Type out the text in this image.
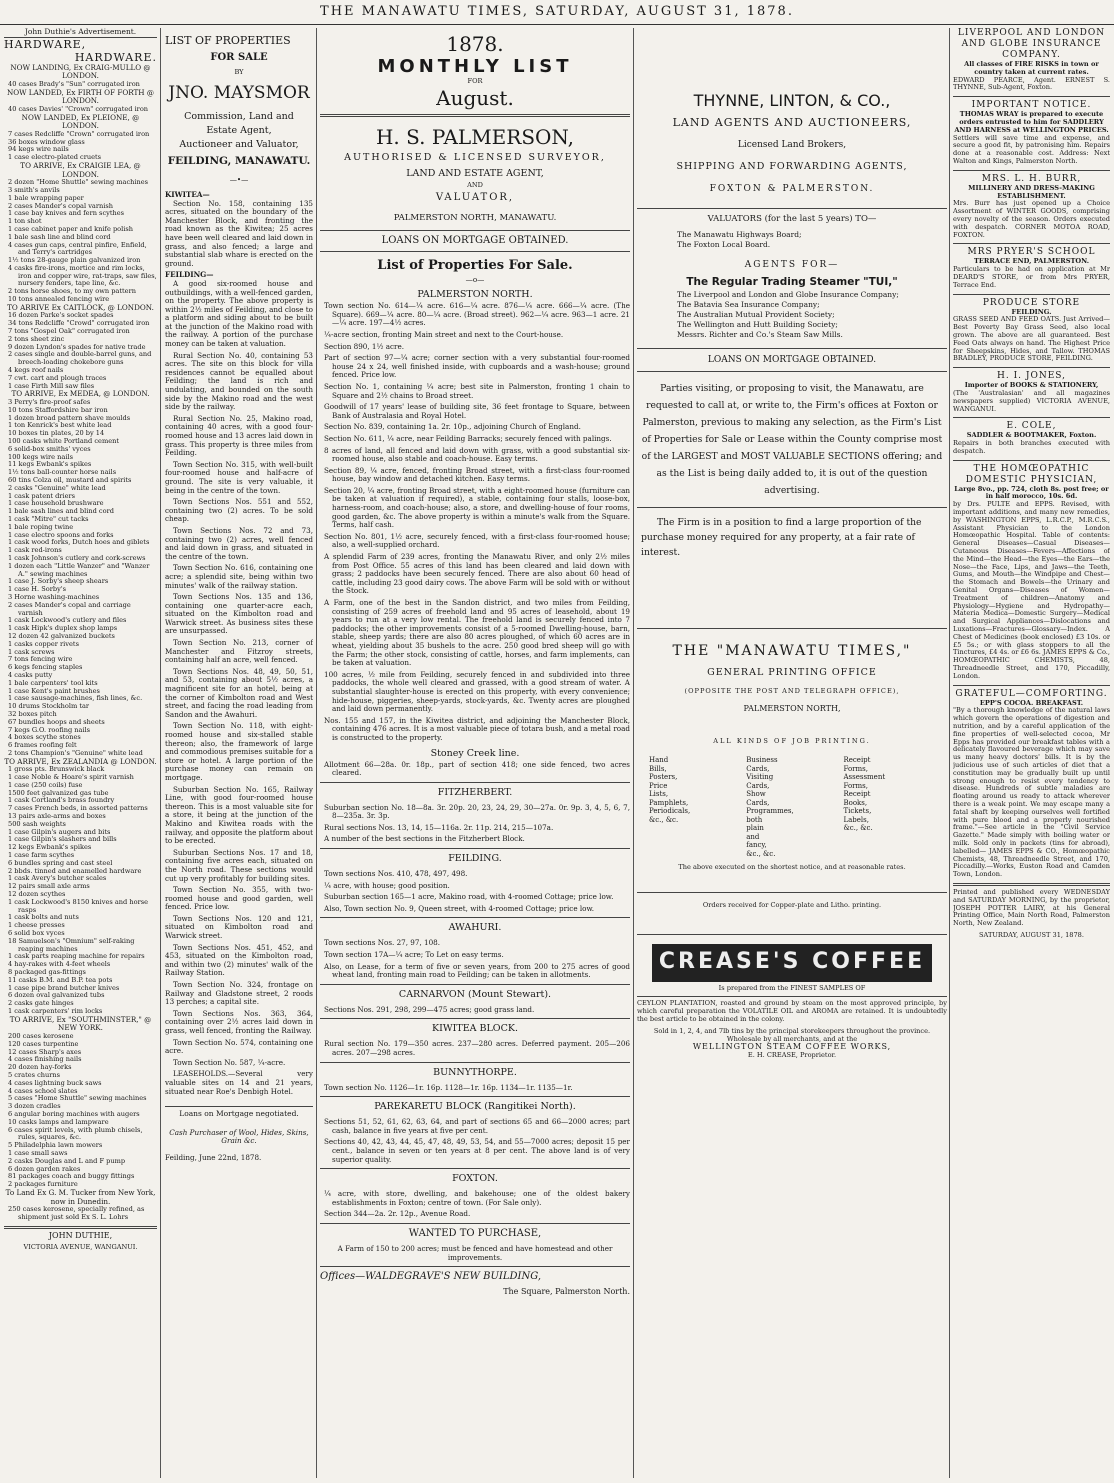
THE MANAWATU TIMES, SATURDAY, AUGUST 31, 1878.
John Duthie's Advertisement.
HARDWARE,
HARDWARE.
NOW LANDING, Ex CRAIG-MULLO @ LONDON.
40 cases Brady's "Sun" corrugated iron
NOW LANDED, Ex FIRTH OF FORTH @ LONDON.
40 cases Davies' "Crown" corrugated iron
NOW LANDED, Ex PLEIONE, @ LONDON.
7 cases Redcliffe "Crown" corrugated iron
36 boxes window glass
94 kegs wire nails
1 case electro-plated cruets
TO ARRIVE, Ex CRAIGIE LEA, @ LONDON.
2 dozen "Home Shuttle" sewing machines
3 smith's anvils
1 bale wrapping paper
2 cases Mander's copal varnish
1 case bay knives and fern scythes
1 ton shot
1 case cabinet paper and knife polish
1 bale sash line and blind cord
4 cases gun caps, central pinfire, Enfield, and Terry's cartridges
1½ tons 28-gauge plain galvanized iron
4 casks fire-irons, mortice and rim locks, iron and copper wire, rat-traps, saw files, nursery fenders, tape line, &c.
2 tons horse shoes, to my own pattern
10 tons annealed fencing wire
TO ARRIVE Ex CAITLOCK, @ LONDON.
16 dozen Parke's socket spades
34 tons Redcliffe "Crowd" corrugated iron
7 tons "Gospel Oak" corrugated iron
2 tons sheet zinc
9 dozen Lyndon's spades for native trade
2 cases single and double-barrel guns, and breech-loading chokebore guns
4 kegs roof nails
7 cwt. cart and plough traces
1 case Firth Mill saw files
TO ARRIVE, Ex MEDEA, @ LONDON.
3 Perry's fire-proof safes
10 tons Staffordshire bar iron
1 dozen broad pattern shave moulds
1 ton Kenrick's best white lead
10 boxes tin plates, 20 by 14
100 casks white Portland cement
6 solid-box smiths' vyces
100 kegs wire nails
11 kegs Ewbank's spikes
1½ tons ball-counter horse nails
60 tins Colza oil, mustard and spirits
2 casks "Genuine" white lead
1 cask patent driers
1 case household brushware
1 bale sash lines and blind cord
1 cask "Mitre" cut tacks
1 bale roping twine
1 case electro spoons and forks
1 cask wood forks, Dutch hoes and giblets
1 cask red-irons
1 cask Johnson's cutlery and cork-screws
1 dozen each "Little Wanzer" and "Wanzer A." sewing machines
1 case J. Sorby's sheep shears
1 case H. Sorby's
3 Horne washing-machines
2 cases Mander's copal and carriage varnish
1 cask Lockwood's cutlery and files
1 cask Hipk's duplex shop lamps
12 dozen 42 galvanized buckets
1 casks copper rivets
1 cask screws
7 tons fencing wire
6 kegs fencing staples
4 casks putty
1 bale carpenters' tool kits
1 case Kent's paint brushes
1 case sausage-machines, fish lines, &c.
10 drums Stockholm tar
32 boxes pitch
67 bundles hoops and sheets
7 kegs G.O. roofing nails
4 boxes scythe stones
6 frames roofing felt
2 tons Champion's "Genuine" white lead
TO ARRIVE, Ex ZEALANDIA @ LONDON.
1 gross pts. Brunswick black
1 case Noble & Hoare's spirit varnish
1 case (250 coils) fuse
1500 feet galvanized gas tube
1 cask Cortland's brass foundry
7 cases French beds, in assorted patterns
13 pairs axle-arms and boxes
500 sash weights
1 case Gilpin's augers and bits
1 case Gilpin's slashers and bills
12 kegs Ewbank's spikes
1 case farm scythes
6 bundles spring and cast steel
2 bbds. tinned and enamelled hardware
1 cask Avery's butcher scales
12 pairs small axle arms
12 dozen scythes
1 cask Lockwood's 8150 knives and horse rasps
1 cask bolts and nuts
1 cheese presses
6 solid box vyces
18 Samuelson's "Omnium" self-raking reaping machines
1 cask parts reaping machine for repairs
4 hay-rakes with 4-feet wheels
8 packaged gas-fittings
11 casks B.M. and B.P. tea pots
1 case pipe brand butcher knives
6 dozen oval galvanized tubs
2 casks gate hinges
1 cask carpenters' rim locks
TO ARRIVE, Ex "SOUTHMINSTER," @ NEW YORK.
200 cases kerosene
120 cases turpentine
12 cases Sharp's axes
4 cases finishing nails
20 dozen hay-forks
5 crates churns
4 cases lightning buck saws
4 cases school slates
5 cases "Home Shuttle" sewing machines
3 dozen cradles
6 angular boring machines with augers
10 casks lamps and lampware
6 cases spirit levels, with plumb chisels, rules, squares, &c.
5 Philadelphia lawn mowers
1 case small saws
2 casks Douglas and L and F pump
6 dozen garden rakes
81 packages coach and buggy fittings
2 packages furniture
To Land Ex G. M. Tucker from New York, now in Dunedin.
250 cases kerosene, specially refined, as shipment just sold Ex S. L. Lohrs
JOHN DUTHIE,
VICTORIA AVENUE, WANGANUI.
LIST OF PROPERTIES
FOR SALE
BY
JNO. MAYSMOR
Commission, Land and
Estate Agent,
Auctioneer and Valuator,
FEILDING, MANAWATU.
—•—
KIWITEA—

Section No. 158, containing 135 acres, situated on the boundary of the Manchester Block, and fronting the road known as the Kiwitea; 25 acres have been well cleared and laid down in grass, and also fenced; a large and substantial slab whare is erected on the ground.

FEILDING—

A good six-roomed house and outbuildings, with a well-fenced garden, on the property. The above property is within 2½ miles of Feilding, and close to a platform and siding about to be built at the junction of the Makino road with the railway. A portion of the purchase money can be taken at valuation.

Rural Section No. 40, containing 53 acres. The site on this block for villa residences cannot be equalled about Feilding; the land is rich and undulating, and bounded on the south side by the Makino road and the west side by the railway.

Rural Section No. 25, Makino road, containing 40 acres, with a good four-roomed house and 13 acres laid down in grass. This property is three miles from Feilding.

Town Section No. 315, with well-built four-roomed house and half-acre of ground. The site is very valuable, it being in the centre of the town.

Town Sections Nos. 551 and 552, containing two (2) acres. To be sold cheap.

Town Sections Nos. 72 and 73, containing two (2) acres, well fenced and laid down in grass, and situated in the centre of the town.

Town Section No. 616, containing one acre; a splendid site, being within two minutes' walk of the railway station.

Town Sections Nos. 135 and 136, containing one quarter-acre each, situated on the Kimbolton road and Warwick street. As business sites these are unsurpassed.

Town Section No. 213, corner of Manchester and Fitzroy streets, containing half an acre, well fenced.

Town Sections Nos. 48, 49, 50, 51, and 53, containing about 5½ acres, a magnificent site for an hotel, being at the corner of Kimbolton road and West street, and facing the road leading from Sandon and the Awahuri.

Town Section No. 118, with eight-roomed house and six-stalled stable thereon; also, the framework of large and commodious premises suitable for a store or hotel. A large portion of the purchase money can remain on mortgage.

Suburban Section No. 165, Railway Line, with good four-roomed house thereon. This is a most valuable site for a store, it being at the junction of the Makino and Kiwitea roads with the railway, and opposite the platform about to be erected.

Suburban Sections Nos. 17 and 18, containing five acres each, situated on the North road. These sections would cut up very profitably for building sites.

Town Section No. 355, with two-roomed house and good garden, well fenced. Price low.

Town Sections Nos. 120 and 121, situated on Kimbolton road and Warwick street.

Town Sections Nos. 451, 452, and 453, situated on the Kimbolton road, and within two (2) minutes' walk of the Railway Station.

Town Section No. 324, frontage on Railway and Gladstone street, 2 roods 13 perches; a capital site.

Town Sections Nos. 363, 364, containing over 2½ acres laid down in grass, well fenced, fronting the Railway.

Town Section No. 574, containing one acre.

Town Section No. 587, ¼-acre.

LEASEHOLDS.—Several very valuable sites on 14 and 21 years, situated near Roe's Denbigh Hotel.

Loans on Mortgage negotiated.
Cash Purchaser of Wool, Hides, Skins, Grain &c.
Feilding, June 22nd, 1878.
1878.
MONTHLY LIST
FOR
August.
H. S. PALMERSON,
AUTHORISED & LICENSED SURVEYOR,
LAND AND ESTATE AGENT,
AND
VALUATOR,
PALMERSTON NORTH, MANAWATU.
LOANS ON MORTGAGE OBTAINED.
List of Properties For Sale.
—o—
PALMERSTON NORTH.

Town section No. 614—¼ acre. 616—¼ acre. 876—¼ acre. 666—¼ acre. (The Square). 669—¼ acre. 80—¼ acre. (Broad street). 962—¼ acre. 963—1 acre. 21—¼ acre. 197—4½ acres.

¼-acre section, fronting Main street and next to the Court-house.

Section 890, 1½ acre.

Part of section 97—¼ acre; corner section with a very substantial four-roomed house 24 x 24, well finished inside, with cupboards and a wash-house; ground fenced. Price low.

Section No. 1, containing ¼ acre; best site in Palmerston, fronting 1 chain to Square and 2½ chains to Broad street.

Goodwill of 17 years' lease of building site, 36 feet frontage to Square, between Bank of Australasia and Royal Hotel.

Section No. 839, containing 1a. 2r. 10p., adjoining Church of England.

Section No. 611, ¼ acre, near Feilding Barracks; securely fenced with palings.

8 acres of land, all fenced and laid down with grass, with a good substantial six-roomed house, also stable and coach-house. Easy terms.

Section 89, ¼ acre, fenced, fronting Broad street, with a first-class four-roomed house, bay window and detached kitchen. Easy terms.

Section 20, ¼ acre, fronting Broad street, with a eight-roomed house (furniture can be taken at valuation if required), a stable, containing four stalls, loose-box, harness-room, and coach-house; also, a store, and dwelling-house of four rooms, good garden, &c. The above property is within a minute's walk from the Square. Terms, half cash.

Section No. 801, 1½ acre, securely fenced, with a first-class four-roomed house; also, a well-supplied orchard.

A splendid Farm of 239 acres, fronting the Manawatu River, and only 2½ miles from Post Office. 55 acres of this land has been cleared and laid down with grass; 2 paddocks have been securely fenced. There are also about 60 head of cattle, including 23 good dairy cows. The above Farm will be sold with or without the Stock.

A Farm, one of the best in the Sandon district, and two miles from Feilding, consisting of 259 acres of freehold land and 95 acres of leasehold, about 19 years to run at a very low rental. The freehold land is securely fenced into 7 paddocks; the other improvements consist of a 5-roomed Dwelling-house, barn, stable, sheep yards; there are also 80 acres ploughed, of which 60 acres are in wheat, yielding about 35 bushels to the acre. 250 good bred sheep will go with the Farm; the other stock, consisting of cattle, horses, and farm implements, can be taken at valuation.

100 acres, ½ mile from Feilding, securely fenced in and subdivided into three paddocks, the whole well cleared and grassed, with a good stream of water. A substantial slaughter-house is erected on this property, with every convenience; hide-house, piggeries, sheep-yards, stock-yards, &c. Twenty acres are ploughed and laid down permanently.

Nos. 155 and 157, in the Kiwitea district, and adjoining the Manchester Block, containing 476 acres. It is a most valuable piece of totara bush, and a metal road is constructed to the property.

Stoney Creek line.

Allotment 66—28a. 0r. 18p., part of section 418; one side fenced, two acres cleared.

FITZHERBERT.

Suburban section No. 18—8a. 3r. 20p. 20, 23, 24, 29, 30—27a. 0r. 9p. 3, 4, 5, 6, 7, 8—235a. 3r. 3p.

Rural sections Nos. 13, 14, 15—116a. 2r. 11p. 214, 215—107a.

A number of the best sections in the Fitzherbert Block.

FEILDING.

Town sections Nos. 410, 478, 497, 498.

¼ acre, with house; good position.

Suburban section 165—1 acre, Makino road, with 4-roomed Cottage; price low.

Also, Town section No. 9, Queen street, with 4-roomed Cottage; price low.

AWAHURI.

Town sections Nos. 27, 97, 108.

Town section 17A—¼ acre; To Let on easy terms.

Also, on Lease, for a term of five or seven years, from 200 to 275 acres of good wheat land, fronting main road to Feilding; can be taken in allotments.

CARNARVON (Mount Stewart).

Sections Nos. 291, 298, 299—475 acres; good grass land.

KIWITEA BLOCK.

Rural section No. 179—350 acres. 237—280 acres. Deferred payment. 205—206 acres. 207—298 acres.

BUNNYTHORPE.

Town section No. 1126—1r. 16p. 1128—1r. 16p. 1134—1r. 1135—1r.

PAREKARETU BLOCK (Rangitikei North).

Sections 51, 52, 61, 62, 63, 64, and part of sections 65 and 66—2000 acres; part cash, balance in five years at five per cent.

Sections 40, 42, 43, 44, 45, 47, 48, 49, 53, 54, and 55—7000 acres; deposit 15 per cent., balance in seven or ten years at 8 per cent. The above land is of very superior quality.

FOXTON.

¼ acre, with store, dwelling, and bakehouse; one of the oldest bakery establishments in Foxton; centre of town. (For Sale only).

Section 344—2a. 2r. 12p., Avenue Road.

WANTED TO PURCHASE,
A Farm of 150 to 200 acres; must be fenced and have homestead and other improvements.
Offices—WALDEGRAVE'S NEW BUILDING,
The Square, Palmerston North.
THYNNE, LINTON, & CO.,
LAND AGENTS AND AUCTIONEERS,
Licensed Land Brokers,
SHIPPING AND FORWARDING AGENTS,
FOXTON & PALMERSTON.
VALUATORS (for the last 5 years) TO—
The Manawatu Highways Board;
The Foxton Local Board.
AGENTS FOR—
The Regular Trading Steamer "TUI,"
The Liverpool and London and Globe Insurance Company;
The Batavia Sea Insurance Company;
The Australian Mutual Provident Society;
The Wellington and Hutt Building Society;
Messrs. Richter and Co.'s Steam Saw Mills.
LOANS ON MORTGAGE OBTAINED.

Parties visiting, or proposing to visit, the Manawatu, are requested to call at, or write to, the Firm's offices at Foxton or Palmerston, previous to making any selection, as the Firm's List of Properties for Sale or Lease within the County comprise most of the LARGEST and MOST VALUABLE SECTIONS offering; and as the List is being daily added to, it is out of the question advertising.

The Firm is in a position to find a large proportion of the purchase money required for any property, at a fair rate of interest.

THE "MANAWATU TIMES,"
GENERAL PRINTING OFFICE
(OPPOSITE THE POST AND TELEGRAPH OFFICE),
PALMERSTON NORTH,
ALL KINDS OF JOB PRINTING.
Hand Bills,
Posters,
Price Lists,
Pamphlets,
Periodicals,
&c., &c.
Business Cards,
Visiting Cards,
Show Cards,
Programmes, both plain and fancy,
&c., &c.
Receipt Forms,
Assessment Forms,
Receipt Books,
Tickets,
Labels,
&c., &c.
The above executed on the shortest notice, and at reasonable rates.
Orders received for Copper-plate and Litho. printing.
CREASE'S COFFEE
Is prepared from the FINEST SAMPLES OF
CEYLON PLANTATION, roasted and ground by steam on the most approved principle, by which careful preparation the VOLATILE OIL and AROMA are retained. It is undoubtedly the best article to be obtained in the colony.
Sold in 1, 2, 4, and 7lb tins by the principal storekeepers throughout the province.
Wholesale by all merchants, and at the
WELLINGTON STEAM COFFEE WORKS,
E. H. CREASE, Proprietor.
LIVERPOOL AND LONDON AND GLOBE INSURANCE COMPANY.
All classes of FIRE RISKS in town or country taken at current rates.
EDWARD PEARCE, Agent. ERNEST S. THYNNE, Sub-Agent, Foxton.
IMPORTANT NOTICE.
THOMAS WRAY is prepared to execute orders entrusted to him for SADDLERY AND HARNESS at WELLINGTON PRICES.
Settlers will save time and expense, and secure a good fit, by patronising him. Repairs done at a reasonable cost. Address: Next Walton and Kings, Palmerston North.
MRS. L. H. BURR,
MILLINERY AND DRESS-MAKING ESTABLISHMENT.
Mrs. Burr has just opened up a Choice Assortment of WINTER GOODS, comprising every novelty of the season. Orders executed with despatch. CORNER MOTOA ROAD, FOXTON.
MRS PRYER'S SCHOOL
TERRACE END, PALMERSTON.
Particulars to be had on application at Mr DEARD'S STORE, or from Mrs PRYER, Terrace End.
PRODUCE STORE
FEILDING.
GRASS SEED AND FEED OATS. Just Arrived— Best Poverty Bay Grass Seed, also local grown. The above are all guaranteed. Best Feed Oats always on hand. The Highest Price for Sheepskins, Hides, and Tallow. THOMAS BRADLEY, PRODUCE STORE, FEILDING.
H. I. JONES,
Importer of BOOKS & STATIONERY,
(The 'Australasian' and all magazines newspapers supplied) VICTORIA AVENUE, WANGANUI.
E. COLE,
SADDLER & BOOTMAKER, Foxton.
Repairs in both branches executed with despatch.
THE HOMŒOPATHIC DOMESTIC PHYSICIAN,
Large 8vo., pp. 724, cloth 8s. post free; or in half morocco, 10s. 6d.
by Drs. PULTE and EPPS. Revised, with important additions, and many new remedies, by WASHINGTON EPPS, L.R.C.P., M.R.C.S., Assistant Physician to the London Homœopathic Hospital. Table of contents: General Diseases—Casual Diseases—Cutaneous Diseases—Fevers—Affections of the Mind—the Head—the Eyes—the Ears—the Nose—the Face, Lips, and Jaws—the Teeth, Gums, and Mouth—the Windpipe and Chest—the Stomach and Bowels—the Urinary and Genital Organs—Diseases of Women—Treatment of children—Anatomy and Physiology—Hygiene and Hydropathy—Materia Medica—Domestic Surgery—Medical and Surgical Appliances—Dislocations and Luxations—Fractures—Glossary—Index. A Chest of Medicines (book enclosed) £3 10s. or £5 5s.; or with glass stoppers to all the Tinctures, £4 4s. or £6 6s. JAMES EPPS & Co., HOMŒOPATHIC CHEMISTS, 48, Threadneedle Street, and 170, Piccadilly, London.
GRATEFUL—COMFORTING.
EPP'S COCOA. BREAKFAST.
"By a thorough knowledge of the natural laws which govern the operations of digestion and nutrition, and by a careful application of the fine properties of well-selected cocoa, Mr Epps has provided our breakfast tables with a delicately flavoured beverage which may save us many heavy doctors' bills. It is by the judicious use of such articles of diet that a constitution may be gradually built up until strong enough to resist every tendency to disease. Hundreds of subtle maladies are floating around us ready to attack wherever there is a weak point. We may escape many a fatal shaft by keeping ourselves well fortified with pure blood and a properly nourished frame."—See article in the "Civil Service Gazette." Made simply with boiling water or milk. Sold only in packets (tins for abroad), labelled— JAMES EPPS & CO., Homœopathic Chemists, 48, Threadneedle Street, and 170, Piccadilly.—Works, Euston Road and Camden Town, London.
Printed and published every WEDNESDAY and SATURDAY MORNING, by the proprietor, JOSEPH POTTER LAIRY, at his General Printing Office, Main North Road, Palmerston North, New Zealand.
SATURDAY, AUGUST 31, 1878.
